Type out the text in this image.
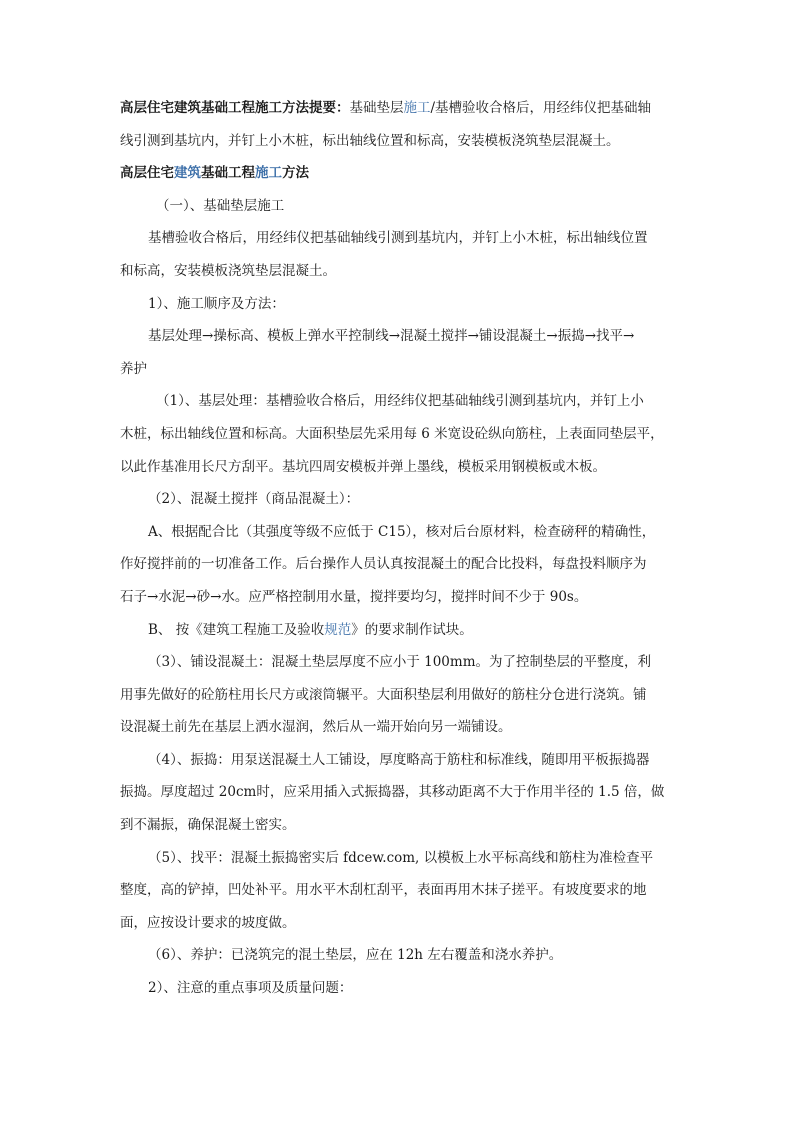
高层住宅建筑基础工程施工方法提要：基础垫层施工/基槽验收合格后，用经纬仪把基础轴
线引测到基坑内，并钉上小木桩，标出轴线位置和标高，安装模板浇筑垫层混凝土。
高层住宅建筑基础工程施工方法
（一）、基础垫层施工
基槽验收合格后，用经纬仪把基础轴线引测到基坑内，并钉上小木桩，标出轴线位置
和标高，安装模板浇筑垫层混凝土。
1）、施工顺序及方法：
基层处理→操标高、模板上弹水平控制线→混凝土搅拌→铺设混凝土→振捣→找平→
养护
（1）、基层处理：基槽验收合格后，用经纬仪把基础轴线引测到基坑内，并钉上小
木桩，标出轴线位置和标高。大面积垫层先采用每 6 米宽设砼纵向筋柱，上表面同垫层平，
以此作基准用长尺方刮平。基坑四周安模板并弹上墨线，模板采用钢模板或木板。
（2）、混凝土搅拌（商品混凝土）：
A、根据配合比（其强度等级不应低于 C15），核对后台原材料，检查磅秤的精确性，
作好搅拌前的一切准备工作。后台操作人员认真按混凝土的配合比投料，每盘投料顺序为
石子→水泥→砂→水。应严格控制用水量，搅拌要均匀，搅拌时间不少于 90s。
B、 按《建筑工程施工及验收规范》的要求制作试块。
（3）、铺设混凝土：混凝土垫层厚度不应小于 100mm。为了控制垫层的平整度，利
用事先做好的砼筋柱用长尺方或滚筒辗平。大面积垫层利用做好的筋柱分仓进行浇筑。铺
设混凝土前先在基层上洒水湿润，然后从一端开始向另一端铺设。
（4）、振捣：用泵送混凝土人工铺设，厚度略高于筋柱和标准线，随即用平板振捣器
振捣。厚度超过 20cm时，应采用插入式振捣器，其移动距离不大于作用半径的 1.5 倍，做
到不漏振，确保混凝土密实。
（5）、找平：混凝土振捣密实后 fdcew.com, 以模板上水平标高线和筋柱为准检查平
整度，高的铲掉，凹处补平。用水平木刮杠刮平，表面再用木抹子搓平。有坡度要求的地
面，应按设计要求的坡度做。
（6）、养护：已浇筑完的混土垫层，应在 12h 左右覆盖和浇水养护。
2）、注意的重点事项及质量问题：
